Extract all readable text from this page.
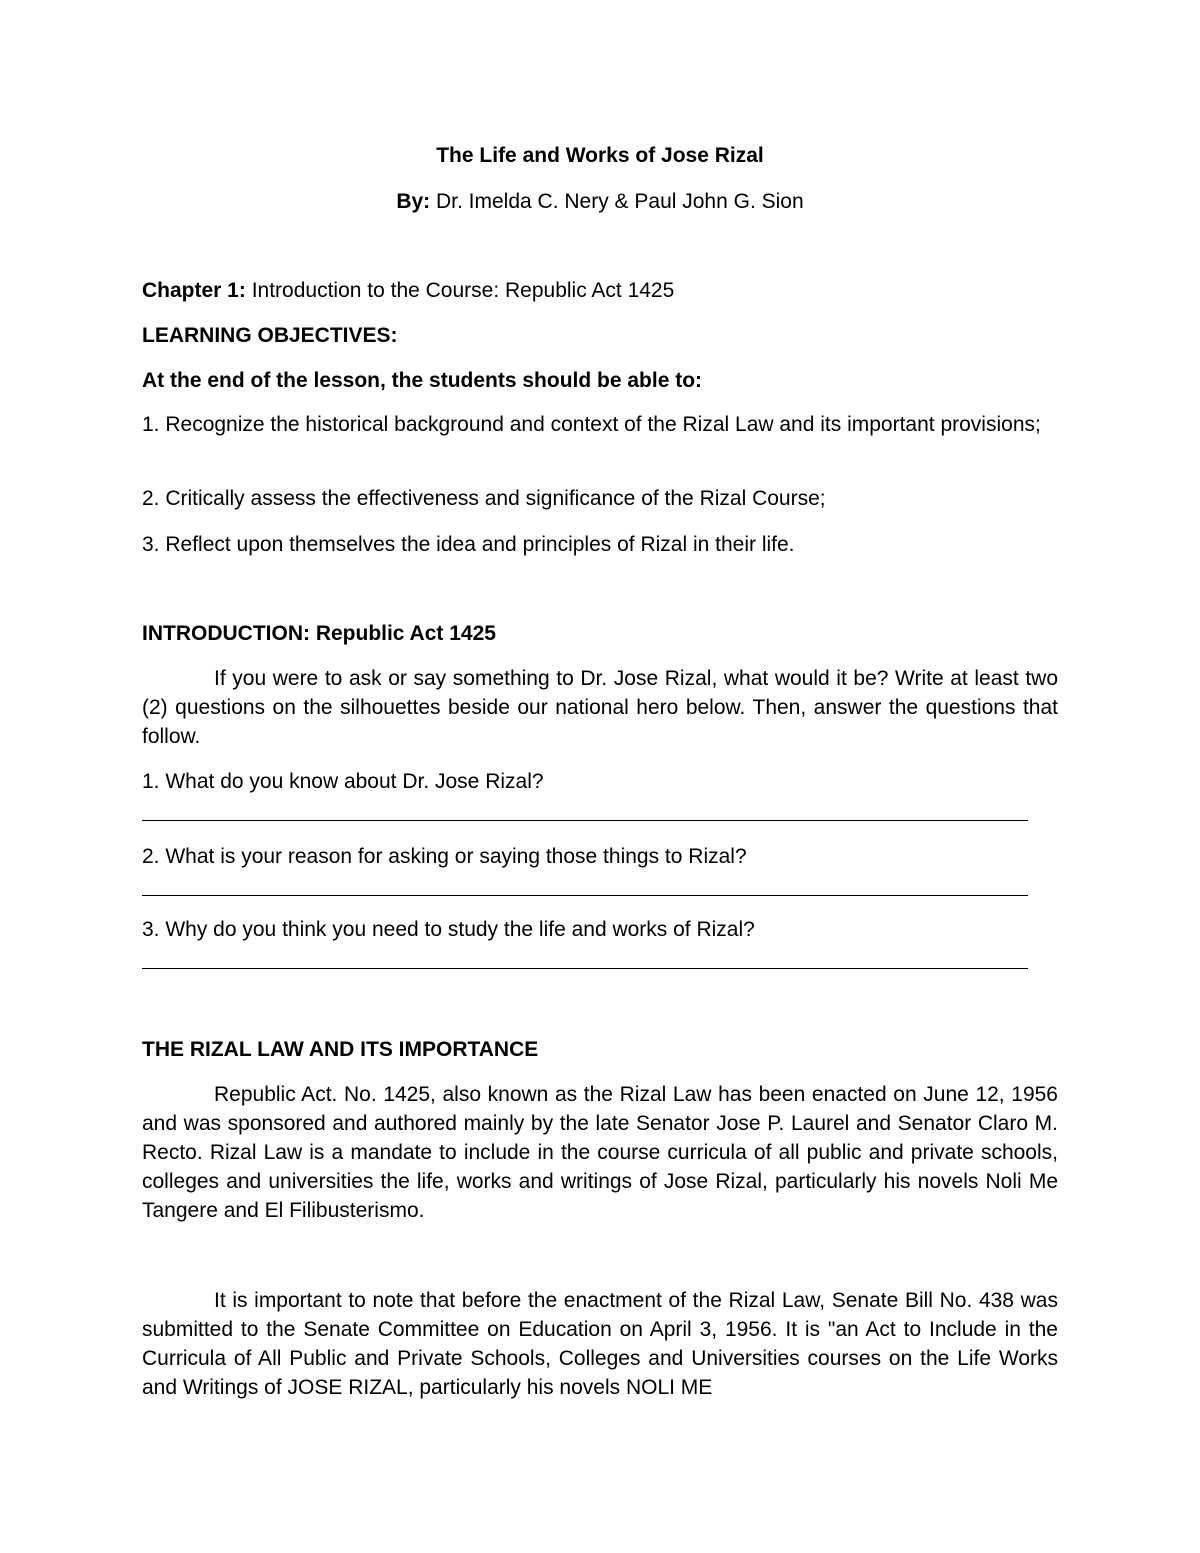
The Life and Works of Jose Rizal
By: Dr. Imelda C. Nery & Paul John G. Sion

Chapter 1: Introduction to the Course: Republic Act 1425

LEARNING OBJECTIVES:

At the end of the lesson, the students should be able to:

1. Recognize the historical background and context of the Rizal Law and its important provisions;

2. Critically assess the effectiveness and significance of the Rizal Course;

3. Reflect upon themselves the idea and principles of Rizal in their life.

INTRODUCTION: Republic Act 1425

If you were to ask or say something to Dr. Jose Rizal, what would it be? Write at least two (2) questions on the silhouettes beside our national hero below. Then, answer the questions that follow.

1. What do you know about Dr. Jose Rizal?

2. What is your reason for asking or saying those things to Rizal?

3. Why do you think you need to study the life and works of Rizal?

THE RIZAL LAW AND ITS IMPORTANCE

Republic Act. No. 1425, also known as the Rizal Law has been enacted on June 12, 1956 and was sponsored and authored mainly by the late Senator Jose P. Laurel and Senator Claro M. Recto. Rizal Law is a mandate to include in the course curricula of all public and private schools, colleges and universities the life, works and writings of Jose Rizal, particularly his novels Noli Me Tangere and El Filibusterismo.

It is important to note that before the enactment of the Rizal Law, Senate Bill No. 438 was submitted to the Senate Committee on Education on April 3, 1956. It is "an Act to Include in the Curricula of All Public and Private Schools, Colleges and Universities courses on the Life Works and Writings of JOSE RIZAL, particularly his novels NOLI ME
